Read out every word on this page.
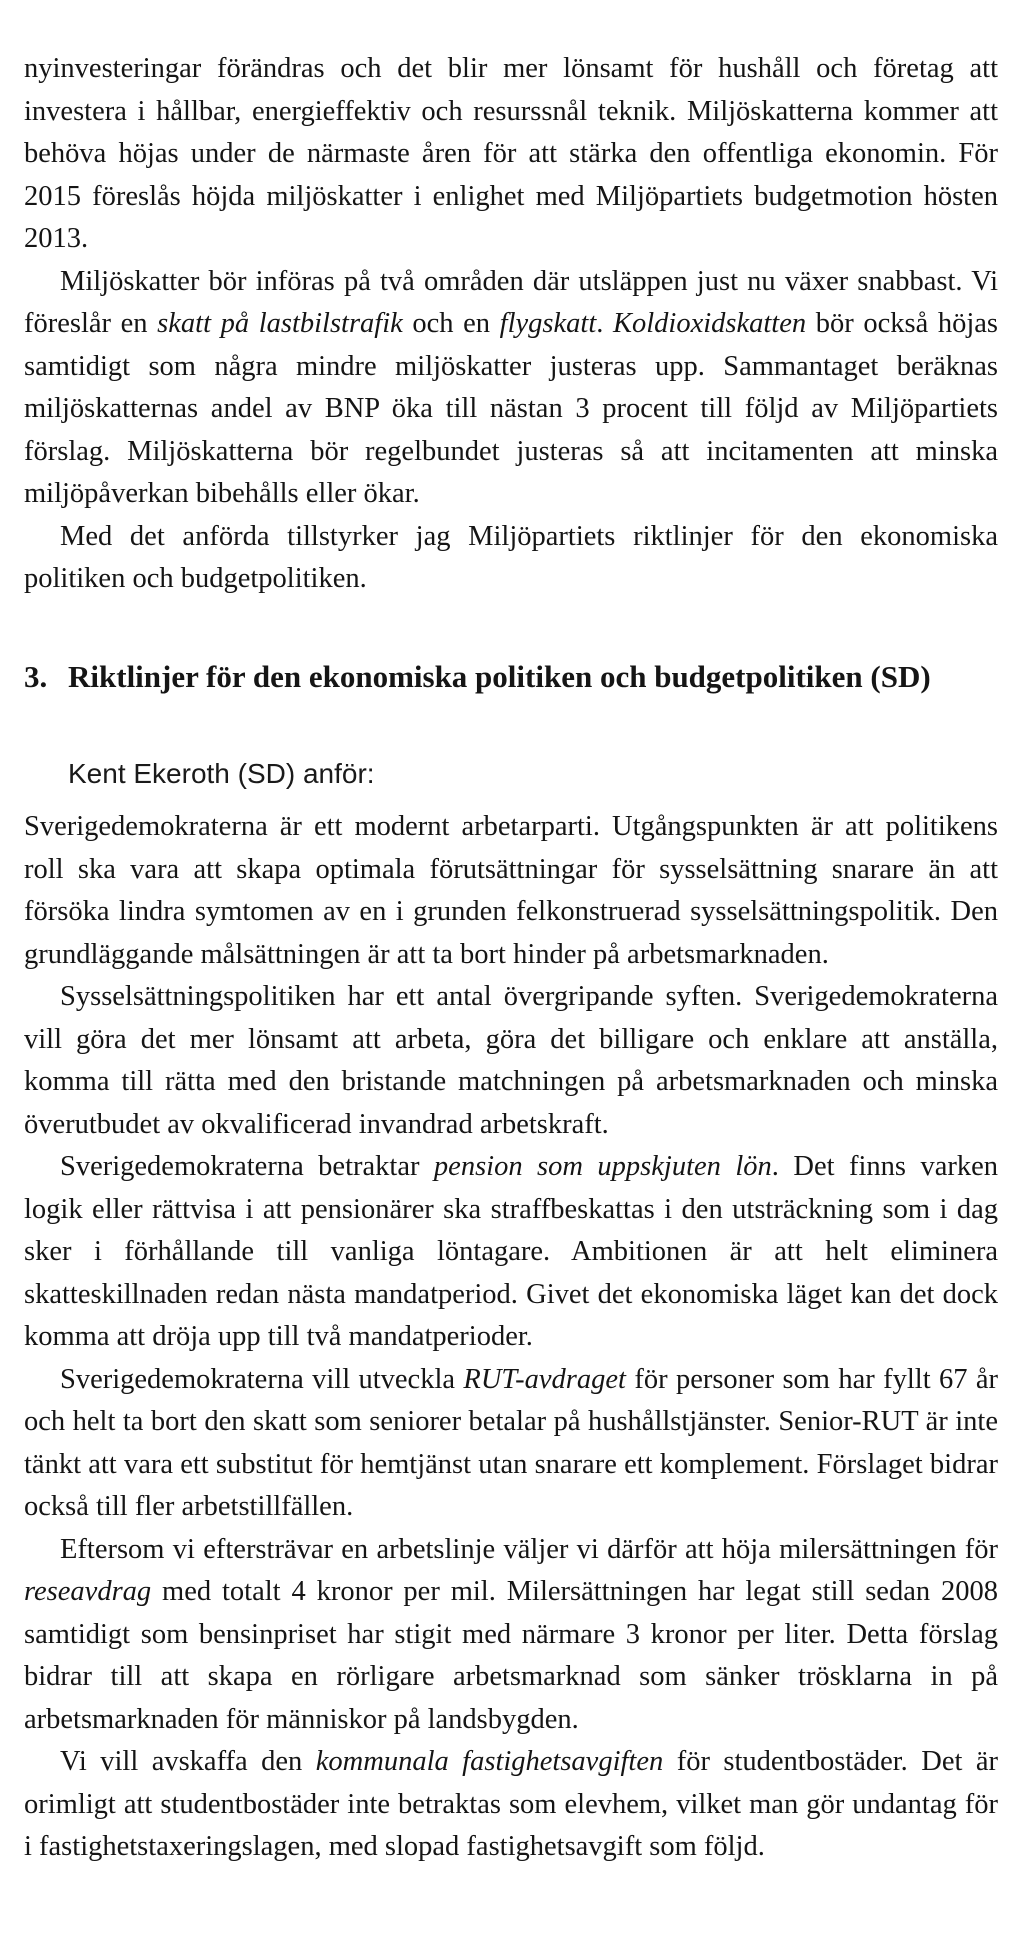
nyinvesteringar förändras och det blir mer lönsamt för hushåll och företag att investera i hållbar, energieffektiv och resurssnål teknik. Miljöskatterna kommer att behöva höjas under de närmaste åren för att stärka den offentliga ekonomin. För 2015 föreslås höjda miljöskatter i enlighet med Miljöpartiets budgetmotion hösten 2013.

Miljöskatter bör införas på två områden där utsläppen just nu växer snabbast. Vi föreslår en skatt på lastbilstrafik och en flygskatt. Koldioxidskatten bör också höjas samtidigt som några mindre miljöskatter justeras upp. Sammantaget beräknas miljöskatternas andel av BNP öka till nästan 3 procent till följd av Miljöpartiets förslag. Miljöskatterna bör regelbundet justeras så att incitamenten att minska miljöpåverkan bibehålls eller ökar.

Med det anförda tillstyrker jag Miljöpartiets riktlinjer för den ekonomiska politiken och budgetpolitiken.

3. Riktlinjer för den ekonomiska politiken och budgetpolitiken (SD)
Kent Ekeroth (SD) anför:

Sverigedemokraterna är ett modernt arbetarparti. Utgångspunkten är att politikens roll ska vara att skapa optimala förutsättningar för sysselsättning snarare än att försöka lindra symtomen av en i grunden felkonstruerad sysselsättningspolitik. Den grundläggande målsättningen är att ta bort hinder på arbetsmarknaden.

Sysselsättningspolitiken har ett antal övergripande syften. Sverigedemokraterna vill göra det mer lönsamt att arbeta, göra det billigare och enklare att anställa, komma till rätta med den bristande matchningen på arbetsmarknaden och minska överutbudet av okvalificerad invandrad arbetskraft.

Sverigedemokraterna betraktar pension som uppskjuten lön. Det finns varken logik eller rättvisa i att pensionärer ska straffbeskattas i den utsträckning som i dag sker i förhållande till vanliga löntagare. Ambitionen är att helt eliminera skatteskillnaden redan nästa mandatperiod. Givet det ekonomiska läget kan det dock komma att dröja upp till två mandatperioder.

Sverigedemokraterna vill utveckla RUT-avdraget för personer som har fyllt 67 år och helt ta bort den skatt som seniorer betalar på hushållstjänster. Senior-RUT är inte tänkt att vara ett substitut för hemtjänst utan snarare ett komplement. Förslaget bidrar också till fler arbetstillfällen.

Eftersom vi eftersträvar en arbetslinje väljer vi därför att höja milersättningen för reseavdrag med totalt 4 kronor per mil. Milersättningen har legat still sedan 2008 samtidigt som bensinpriset har stigit med närmare 3 kronor per liter. Detta förslag bidrar till att skapa en rörligare arbetsmarknad som sänker trösklarna in på arbetsmarknaden för människor på landsbygden.

Vi vill avskaffa den kommunala fastighetsavgiften för studentbostäder. Det är orimligt att studentbostäder inte betraktas som elevhem, vilket man gör undantag för i fastighetstaxeringslagen, med slopad fastighetsavgift som följd.
